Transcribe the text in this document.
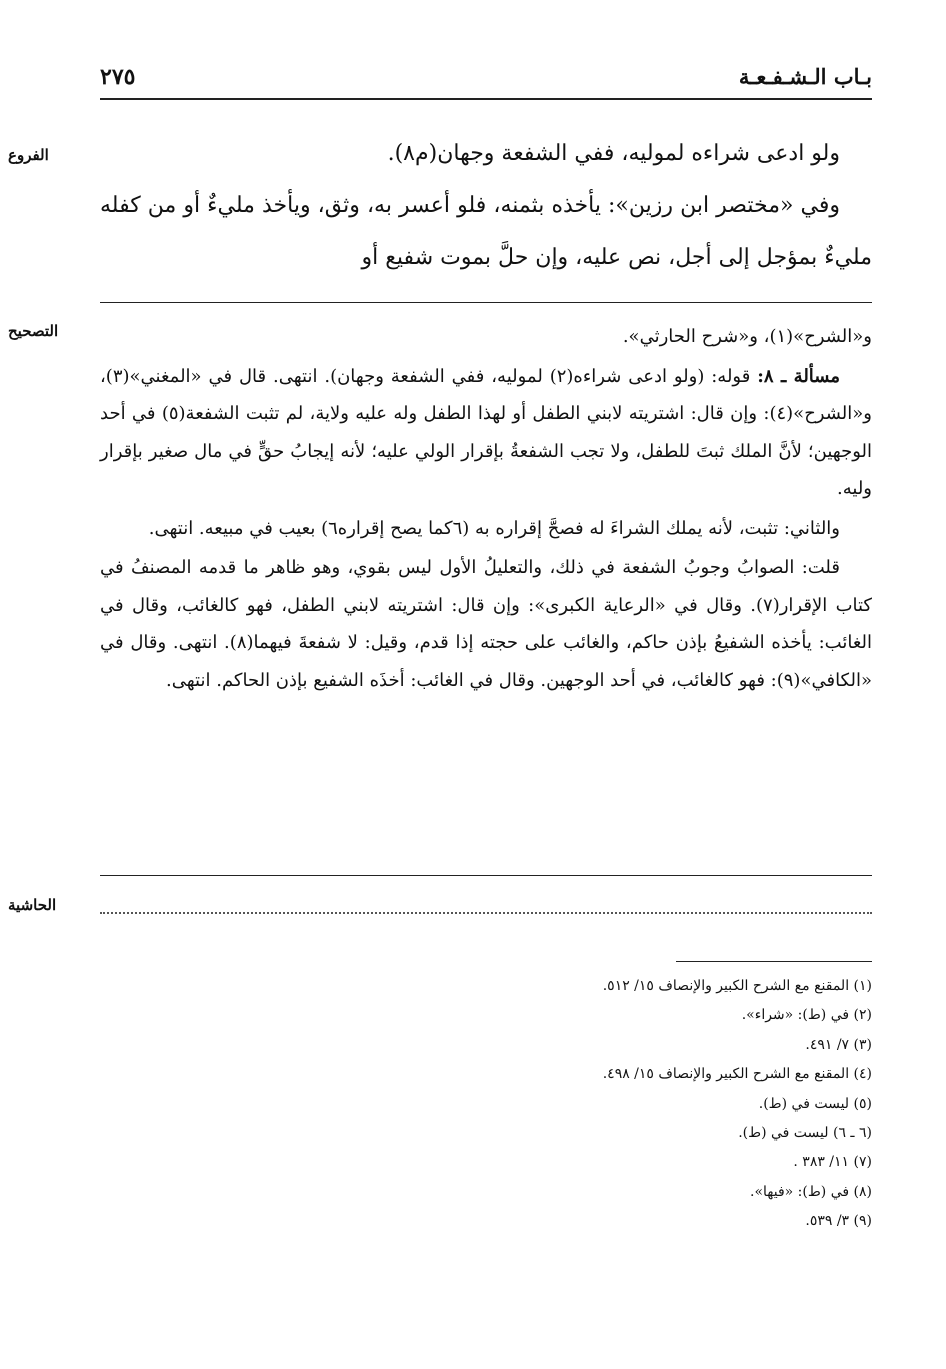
بـاب الـشـفـعـة
٢٧٥
الفروع	ولو ادعى شراءه لموليه، ففي الشفعة وجهان(م٨).

وفي «مختصر ابن رزين»: يأخذه بثمنه، فلو أعسر به، وثق، ويأخذ مليءٌ أو من كفله مليءٌ بمؤجل إلى أجل، نص عليه، وإن حلَّ بموت شفيع أو

التصحيح	و«الشرح»(١)، و«شرح الحارثي».

مسألة ـ ٨: قوله: (ولو ادعى شراءه(٢) لموليه، ففي الشفعة وجهان). انتهى. قال في «المغني»(٣)، و«الشرح»(٤): وإن قال: اشتريته لابني الطفل أو لهذا الطفل وله عليه ولاية، لم تثبت الشفعة(٥) في أحد الوجهين؛ لأنَّ الملك ثبتَ للطفل، ولا تجب الشفعةُ بإقرار الولي عليه؛ لأنه إيجابُ حقٍّ في مال صغير بإقرار وليه.

والثاني: تثبت، لأنه يملك الشراءَ له فصحَّ إقراره به (٦كما يصح إقراره٦) بعيب في مبيعه. انتهى.

قلت: الصوابُ وجوبُ الشفعة في ذلك، والتعليلُ الأول ليس بقوي، وهو ظاهر ما قدمه المصنفُ في كتاب الإقرار(٧). وقال في «الرعاية الكبرى»: وإن قال: اشتريته لابني الطفل، فهو كالغائب، وقال في الغائب: يأخذه الشفيعُ بإذن حاكم، والغائب على حجته إذا قدم، وقيل: لا شفعةَ فيهما(٨). انتهى. وقال في «الكافي»(٩): فهو كالغائب، في أحد الوجهين. وقال في الغائب: أخذَه الشفيع بإذن الحاكم. انتهى.

الحاشية

(١) المقنع مع الشرح الكبير والإنصاف ١٥/ ٥١٢.

(٢) في (ط): «شراء».

(٣) ٧/ ٤٩١.

(٤) المقنع مع الشرح الكبير والإنصاف ١٥/ ٤٩٨.

(٥) ليست في (ط).

(٦ ـ ٦) ليست في (ط).

(٧) ١١/ ٣٨٣ .

(٨) في (ط): «فيها».

(٩) ٣/ ٥٣٩.
